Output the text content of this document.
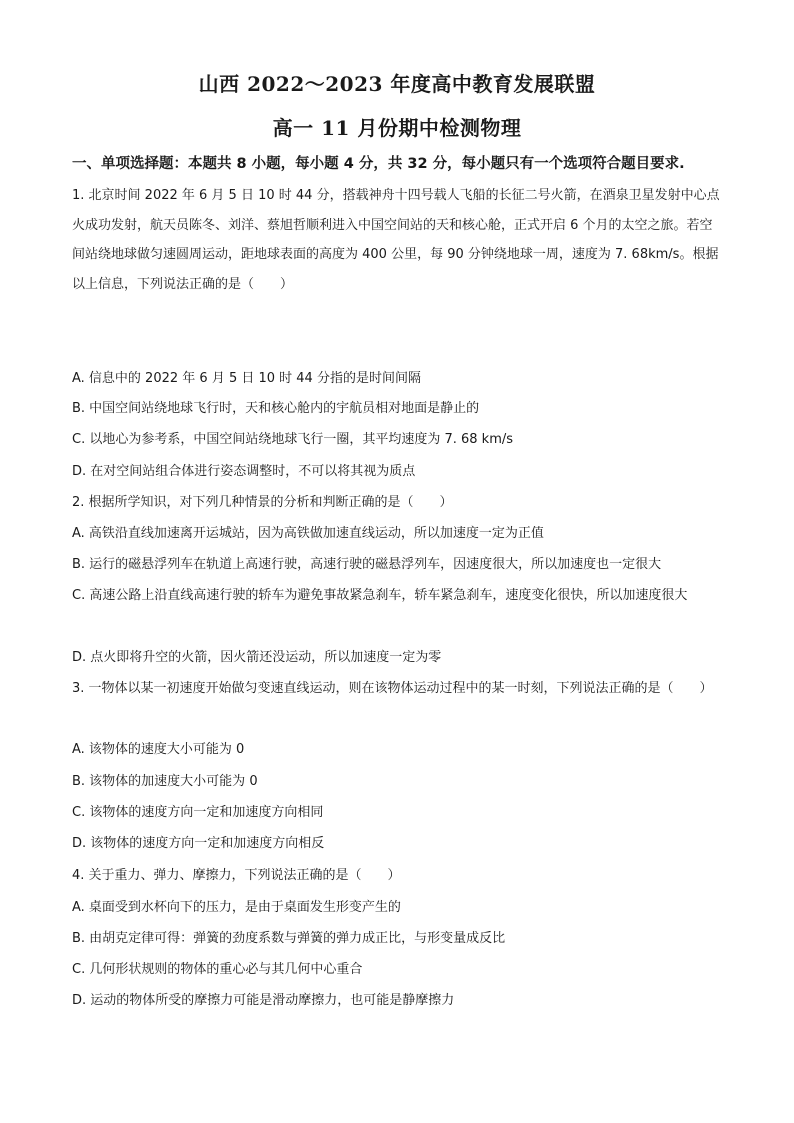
山西 2022～2023 年度高中教育发展联盟
高一 11 月份期中检测物理
一、单项选择题：本题共 8 小题，每小题 4 分，共 32 分，每小题只有一个选项符合题目要求.
1. 北京时间 2022 年 6 月 5 日 10 时 44 分，搭载神舟十四号载人飞船的长征二号火箭，在酒泉卫星发射中心点火成功发射，航天员陈冬、刘洋、蔡旭哲顺利进入中国空间站的天和核心舱，正式开启 6 个月的太空之旅。若空间站绕地球做匀速圆周运动，距地球表面的高度为 400 公里，每 90 分钟绕地球一周，速度为 7. 68km/s。根据以上信息，下列说法正确的是（　　）
A. 信息中的 2022 年 6 月 5 日 10 时 44 分指的是时间间隔
B. 中国空间站绕地球飞行时，天和核心舱内的宇航员相对地面是静止的
C. 以地心为参考系，中国空间站绕地球飞行一圈，其平均速度为 7. 68 km/s
D. 在对空间站组合体进行姿态调整时，不可以将其视为质点
2. 根据所学知识，对下列几种情景的分析和判断正确的是（　　）
A. 高铁沿直线加速离开运城站，因为高铁做加速直线运动，所以加速度一定为正值
B. 运行的磁悬浮列车在轨道上高速行驶，高速行驶的磁悬浮列车，因速度很大，所以加速度也一定很大
C. 高速公路上沿直线高速行驶的轿车为避免事故紧急刹车，轿车紧急刹车，速度变化很快，所以加速度很大
D. 点火即将升空的火箭，因火箭还没运动，所以加速度一定为零
3. 一物体以某一初速度开始做匀变速直线运动，则在该物体运动过程中的某一时刻，下列说法正确的是（　　）
A. 该物体的速度大小可能为 0
B. 该物体的加速度大小可能为 0
C. 该物体的速度方向一定和加速度方向相同
D. 该物体的速度方向一定和加速度方向相反
4. 关于重力、弹力、摩擦力，下列说法正确的是（　　）
A. 桌面受到水杯向下的压力，是由于桌面发生形变产生的
B. 由胡克定律可得：弹簧的劲度系数与弹簧的弹力成正比，与形变量成反比
C. 几何形状规则的物体的重心必与其几何中心重合
D. 运动的物体所受的摩擦力可能是滑动摩擦力，也可能是静摩擦力
